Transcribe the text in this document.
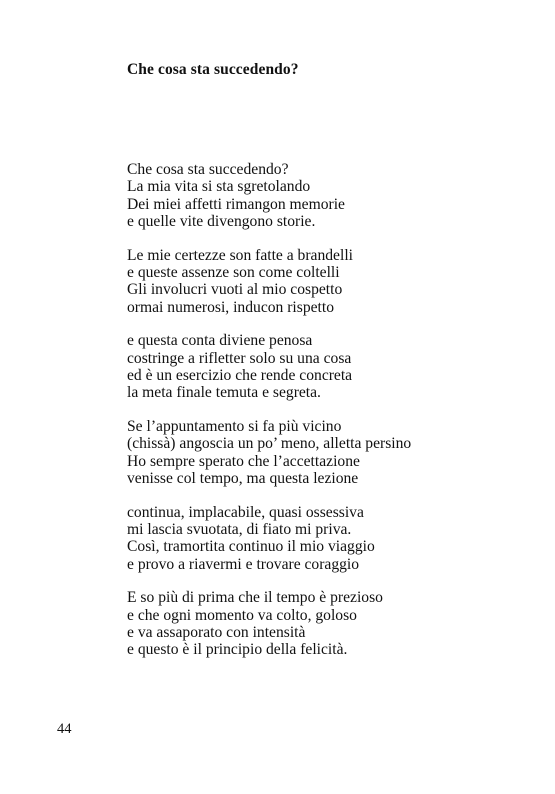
Che cosa sta succedendo?
Che cosa sta succedendo?
La mia vita si sta sgretolando
Dei miei affetti rimangon memorie
e quelle vite divengono storie.
Le mie certezze son fatte a brandelli
e queste assenze son come coltelli
Gli involucri vuoti al mio cospetto
ormai numerosi, inducon rispetto
e questa conta diviene penosa
costringe a rifletter solo su una cosa
ed è un esercizio che rende concreta
la meta finale temuta e segreta.
Se l’appuntamento si fa più vicino
(chissà) angoscia un po’ meno, alletta persino
Ho sempre sperato che l’accettazione
venisse col tempo, ma questa lezione
continua, implacabile, quasi ossessiva
mi lascia svuotata, di fiato mi priva.
Così, tramortita continuo il mio viaggio
e provo a riavermi e trovare coraggio
E so più di prima che il tempo è prezioso
e che ogni momento va colto, goloso
e va assaporato con intensità
e questo è il principio della felicità.
44
